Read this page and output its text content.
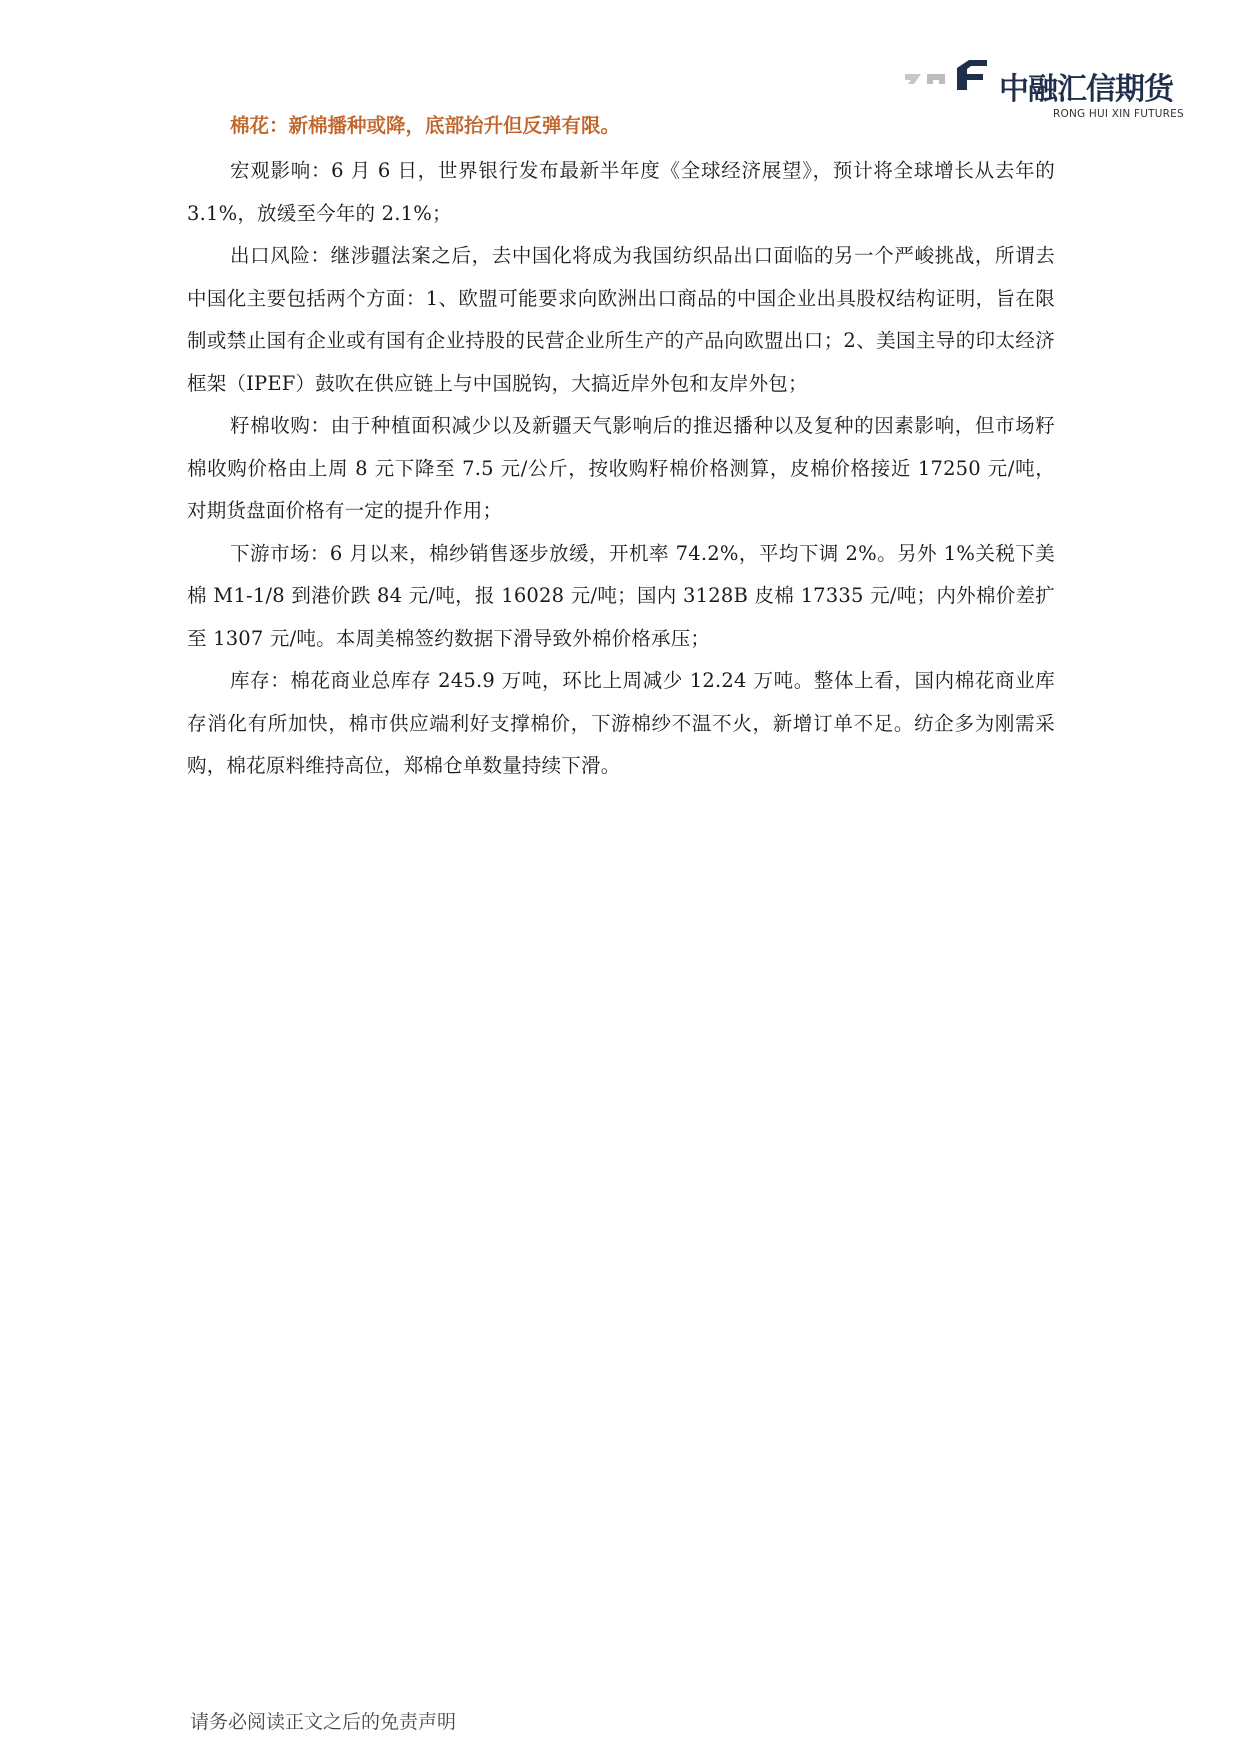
中融汇信期货
RONG HUI XIN FUTURES

棉花：新棉播种或降，底部抬升但反弹有限。

宏观影响：6 月 6 日，世界银行发布最新半年度《全球经济展望》，预计将全球增长从去年的 3.1%，放缓至今年的 2.1%；

出口风险：继涉疆法案之后，去中国化将成为我国纺织品出口面临的另一个严峻挑战，所谓去中国化主要包括两个方面：1、欧盟可能要求向欧洲出口商品的中国企业出具股权结构证明，旨在限制或禁止国有企业或有国有企业持股的民营企业所生产的产品向欧盟出口；2、美国主导的印太经济框架（IPEF）鼓吹在供应链上与中国脱钩，大搞近岸外包和友岸外包；

籽棉收购：由于种植面积减少以及新疆天气影响后的推迟播种以及复种的因素影响，但市场籽棉收购价格由上周 8 元下降至 7.5 元/公斤，按收购籽棉价格测算，皮棉价格接近 17250 元/吨，对期货盘面价格有一定的提升作用；

下游市场：6 月以来，棉纱销售逐步放缓，开机率 74.2%，平均下调 2%。另外 1%关税下美棉 M1-1/8 到港价跌 84 元/吨，报 16028 元/吨；国内 3128B 皮棉 17335 元/吨；内外棉价差扩至 1307 元/吨。本周美棉签约数据下滑导致外棉价格承压；

库存：棉花商业总库存 245.9 万吨，环比上周减少 12.24 万吨。整体上看，国内棉花商业库存消化有所加快，棉市供应端利好支撑棉价，下游棉纱不温不火，新增订单不足。纺企多为刚需采购，棉花原料维持高位，郑棉仓单数量持续下滑。

请务必阅读正文之后的免责声明
